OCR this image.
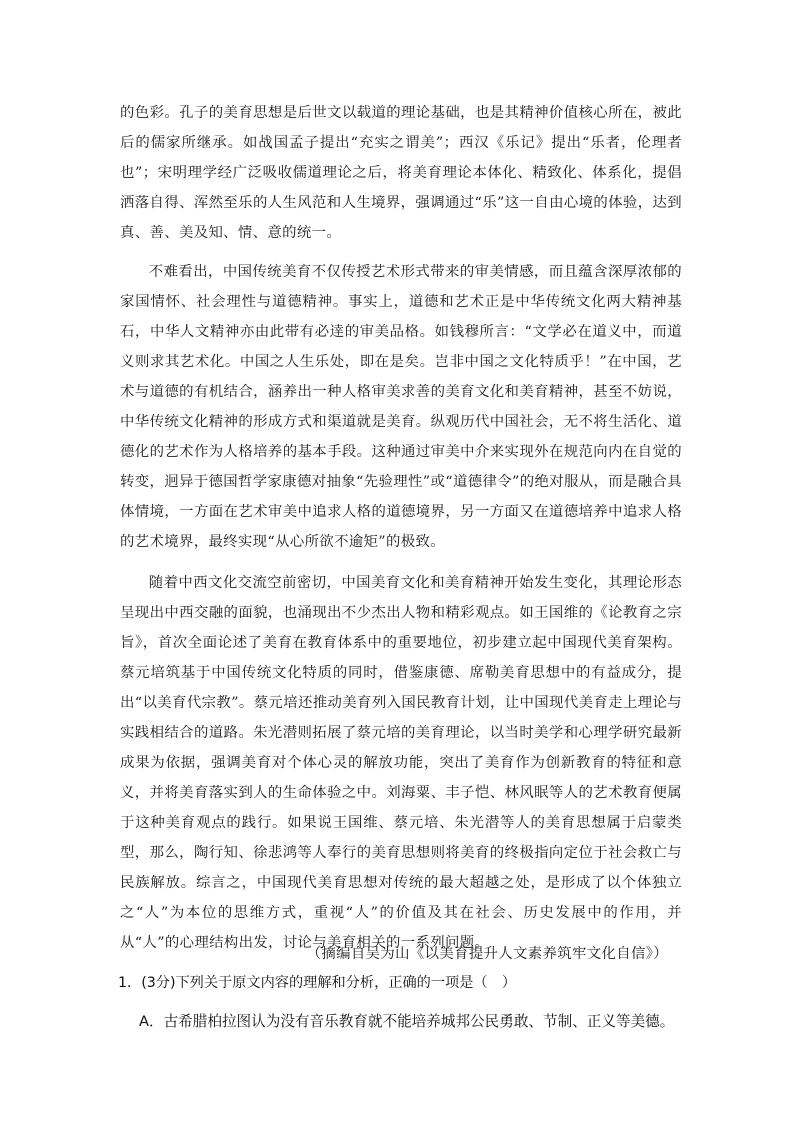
的色彩。孔子的美育思想是后世文以载道的理论基础，也是其精神价值核心所在，被此后的儒家所继承。如战国孟子提出“充实之谓美”；西汉《乐记》提出“乐者，伦理者也”；宋明理学经广泛吸收儒道理论之后，将美育理论本体化、精致化、体系化，提倡洒落自得、浑然至乐的人生风范和人生境界，强调通过“乐”这一自由心境的体验，达到真、善、美及知、情、意的统一。
不难看出，中国传统美育不仅传授艺术形式带来的审美情感，而且蕴含深厚浓郁的家国情怀、社会理性与道德精神。事实上，道德和艺术正是中华传统文化两大精神基石，中华人文精神亦由此带有必逹的审美品格。如钱穆所言：“文学必在道义中，而道义则求其艺术化。中国之人生乐处，即在是矣。岂非中国之文化特质乎！”在中国，艺术与道德的有机结合，涵养出一种人格审美求善的美育文化和美育精神，甚至不妨说，中华传统文化精神的形成方式和渠道就是美育。纵观历代中国社会，无不将生活化、道德化的艺术作为人格培养的基本手段。这种通过审美中介来实现外在规范向内在自觉的转变，迥异于德国哲学家康德对抽象“先验理性”或“道德律令”的绝对服从，而是融合具体情境，一方面在艺术审美中追求人格的道德境界，另一方面又在道德培养中追求人格的艺术境界，最终实现“从心所欲不逾矩”的极致。
随着中西文化交流空前密切，中国美育文化和美育精神开始发生变化，其理论形态呈现出中西交融的面貌，也涌现出不少杰出人物和精彩观点。如王国维的《论教育之宗旨》，首次全面论述了美育在教育体系中的重要地位，初步建立起中国现代美育架构。蔡元培筑基于中国传统文化特质的同时，借鉴康德、席勒美育思想中的有益成分，提出“以美育代宗教”。蔡元培还推动美育列入国民教育计划，让中国现代美育走上理论与实践相结合的道路。朱光潜则拓展了蔡元培的美育理论，以当时美学和心理学研究最新成果为依据，强调美育对个体心灵的解放功能，突出了美育作为创新教育的特征和意义，并将美育落实到人的生命体验之中。刘海粟、丰子恺、林风眠等人的艺术教育便属于这种美育观点的践行。如果说王国维、蔡元培、朱光潜等人的美育思想属于启蒙类型，那么，陶行知、徐悲鸿等人奉行的美育思想则将美育的终极指向定位于社会救亡与民族解放。综言之，中国现代美育思想对传统的最大超越之处，是形成了以个体独立之“人”为本位的思维方式，重视“人”的价值及其在社会、历史发展中的作用，并从“人”的心理结构出发，讨论与美育相关的一系列问题。
（摘编自吴为山《以美育提升人文素养筑牢文化自信》）
1．(3分)下列关于原文内容的理解和分析，正确的一项是（　）
A．古希腊柏拉图认为没有音乐教育就不能培养城邦公民勇敢、节制、正义等美德。
